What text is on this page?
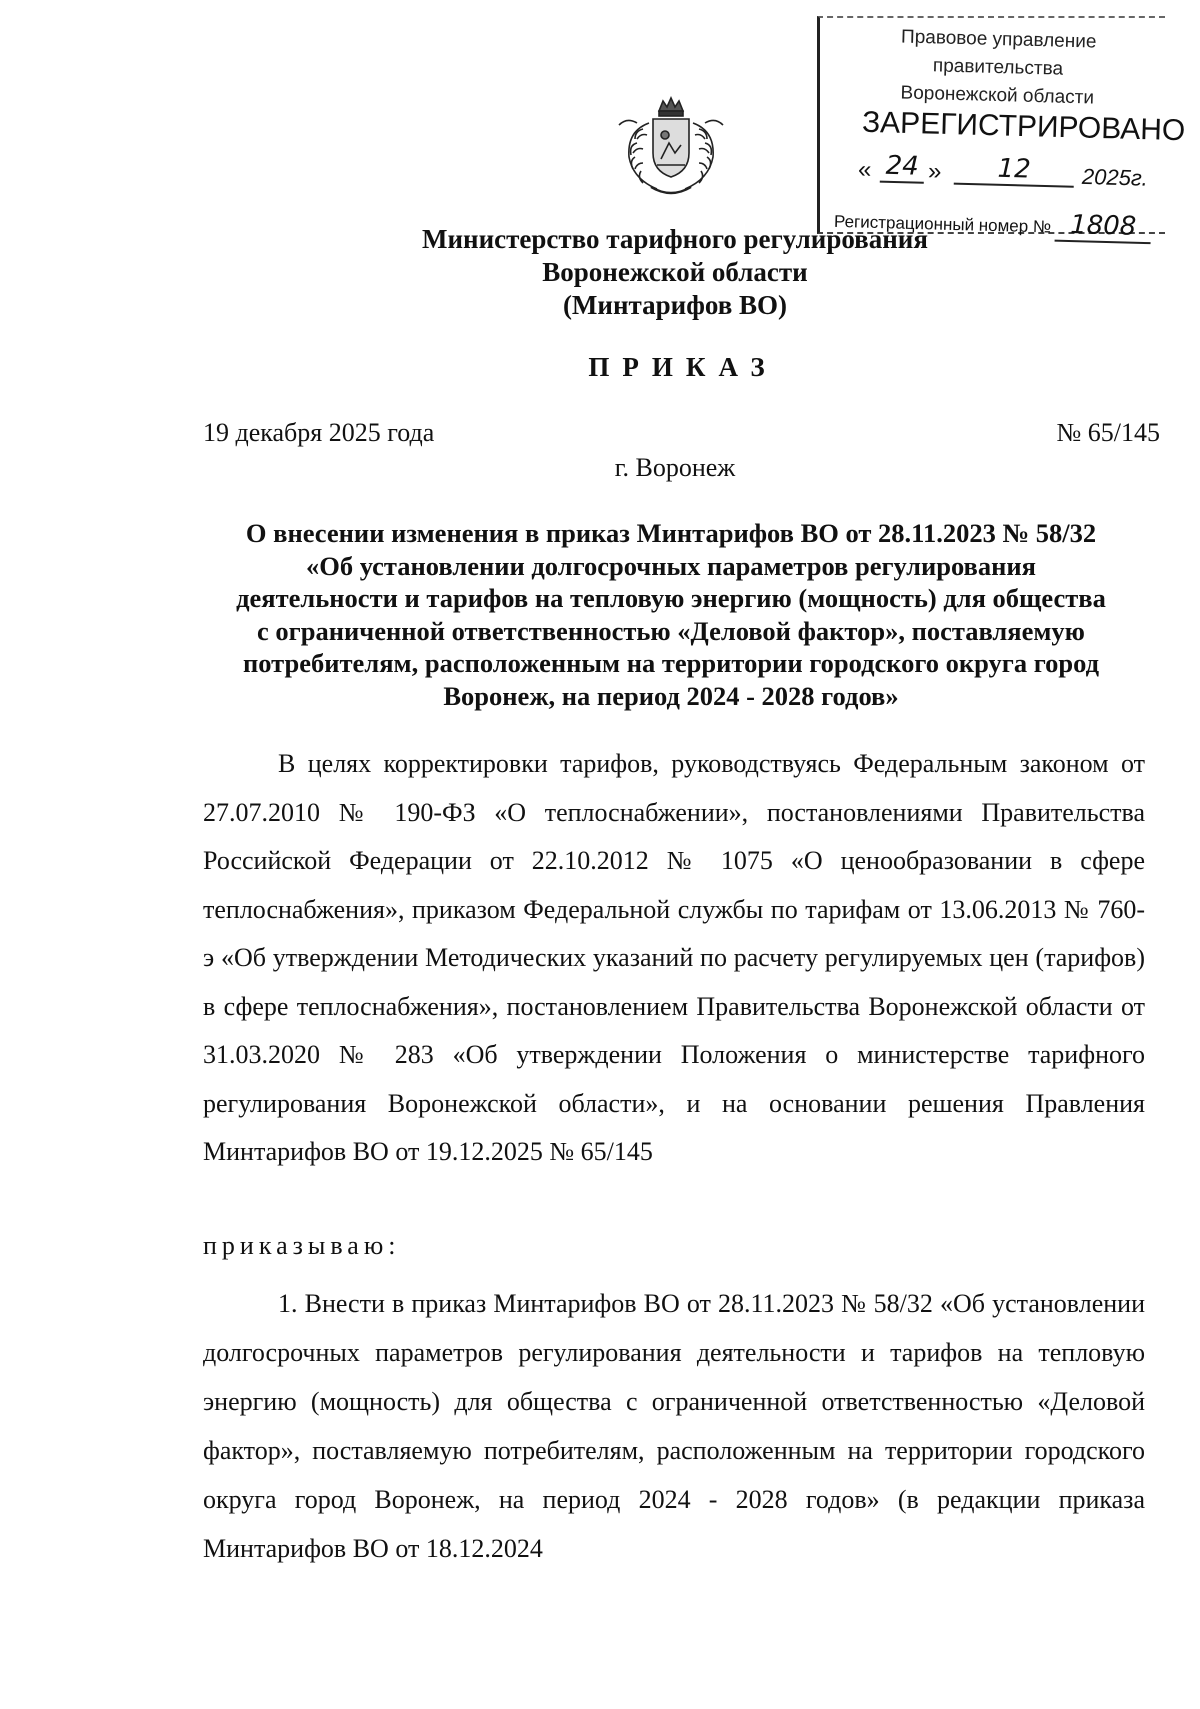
Правовое управление правительства
Воронежской области
ЗАРЕГИСТРИРОВАНО
« 24 »	12	2025г.
Регистрационный номер № 1808
Министерство тарифного регулирования
Воронежской области
(Минтарифов ВО)
ПРИКАЗ
19 декабря 2025 года	№ 65/145
г. Воронеж
О внесении изменения в приказ Минтарифов ВО от 28.11.2023 № 58/32
«Об установлении долгосрочных параметров регулирования
деятельности и тарифов на тепловую энергию (мощность) для общества
с ограниченной ответственностью «Деловой фактор», поставляемую
потребителям, расположенным на территории городского округа город
Воронеж, на период 2024 - 2028 годов»
В целях корректировки тарифов, руководствуясь Федеральным законом от 27.07.2010 № 190-ФЗ «О теплоснабжении», постановлениями Правительства Российской Федерации от 22.10.2012 № 1075 «О ценообразовании в сфере теплоснабжения», приказом Федеральной службы по тарифам от 13.06.2013 № 760-э «Об утверждении Методических указаний по расчету регулируемых цен (тарифов) в сфере теплоснабжения», постановлением Правительства Воронежской области от 31.03.2020 № 283 «Об утверждении Положения о министерстве тарифного регулирования Воронежской области», и на основании решения Правления Минтарифов ВО от 19.12.2025 № 65/145
приказываю:
1. Внести в приказ Минтарифов ВО от 28.11.2023 № 58/32 «Об установлении долгосрочных параметров регулирования деятельности и тарифов на тепловую энергию (мощность) для общества с ограниченной ответственностью «Деловой фактор», поставляемую потребителям, расположенным на территории городского округа город Воронеж, на период 2024 - 2028 годов» (в редакции приказа Минтарифов ВО от 18.12.2024
